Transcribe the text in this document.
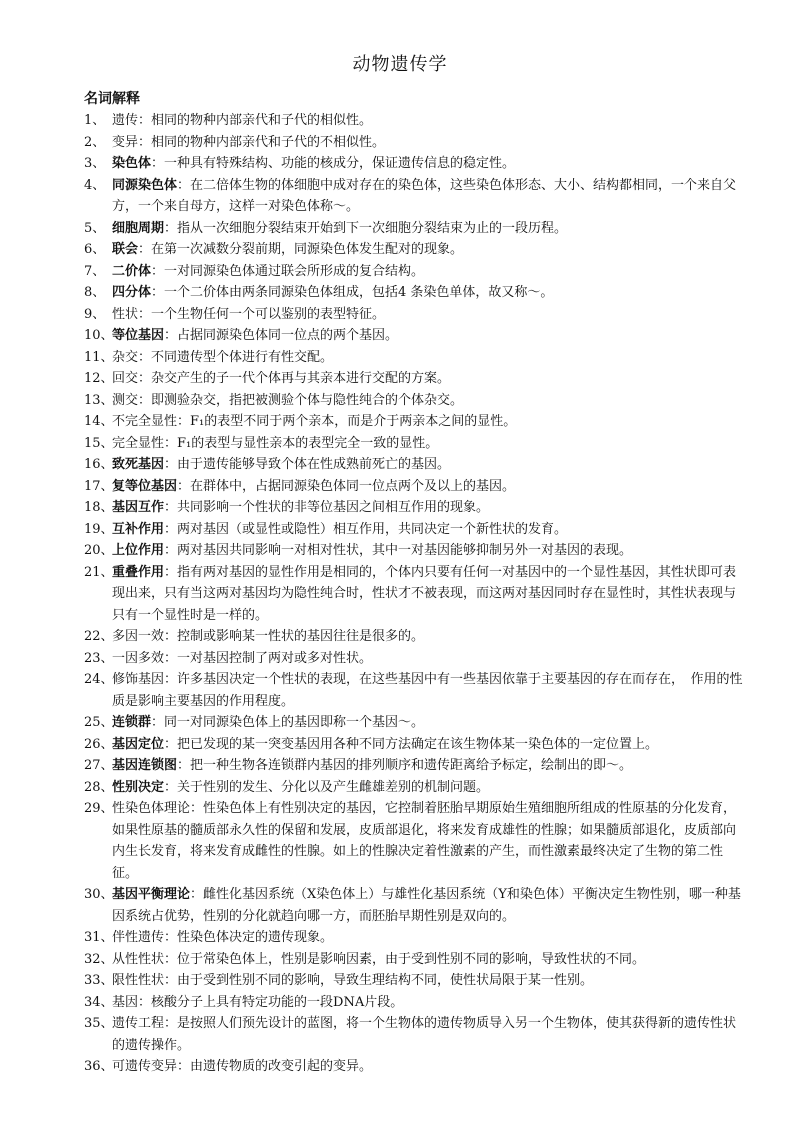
动物遗传学
名词解释
1、 遗传：相同的物种内部亲代和子代的相似性。
2、 变异：相同的物种内部亲代和子代的不相似性。
3、 染色体：一种具有特殊结构、功能的核成分，保证遗传信息的稳定性。
4、 同源染色体：在二倍体生物的体细胞中成对存在的染色体，这些染色体形态、大小、结构都相同，一个来自父方，一个来自母方，这样一对染色体称～。
5、 细胞周期：指从一次细胞分裂结束开始到下一次细胞分裂结束为止的一段历程。
6、 联会：在第一次减数分裂前期，同源染色体发生配对的现象。
7、 二价体：一对同源染色体通过联会所形成的复合结构。
8、 四分体：一个二价体由两条同源染色体组成，包括4 条染色单体，故又称～。
9、 性状：一个生物任何一个可以鉴别的表型特征。
10、
等位基因：占据同源染色体同一位点的两个基因。
11、
杂交：不同遗传型个体进行有性交配。
12、
回交：杂交产生的子一代个体再与其亲本进行交配的方案。
13、
测交：即测验杂交，指把被测验个体与隐性纯合的个体杂交。
14、
不完全显性：F₁的表型不同于两个亲本，而是介于两亲本之间的显性。
15、
完全显性：F₁的表型与显性亲本的表型完全一致的显性。
16、
致死基因：由于遗传能够导致个体在性成熟前死亡的基因。
17、
复等位基因：在群体中，占据同源染色体同一位点两个及以上的基因。
18、
基因互作：共同影响一个性状的非等位基因之间相互作用的现象。
19、
互补作用：两对基因（或显性或隐性）相互作用，共同决定一个新性状的发育。
20、
上位作用：两对基因共同影响一对相对性状，其中一对基因能够抑制另外一对基因的表现。
21、
重叠作用：指有两对基因的显性作用是相同的，个体内只要有任何一对基因中的一个显性基因，其性状即可表现出来，只有当这两对基因均为隐性纯合时，性状才不被表现，而这两对基因同时存在显性时，其性状表现与只有一个显性时是一样的。
22、
多因一效：控制或影响某一性状的基因往往是很多的。
23、
一因多效：一对基因控制了两对或多对性状。
24、
修饰基因：许多基因决定一个性状的表现，在这些基因中有一些基因依靠于主要基因的存在而存在，　作用的性质是影响主要基因的作用程度。
25、
连锁群：同一对同源染色体上的基因即称一个基因～。
26、
基因定位：把已发现的某一突变基因用各种不同方法确定在该生物体某一染色体的一定位置上。
27、
基因连锁图：把一种生物各连锁群内基因的排列顺序和遗传距离给予标定，绘制出的即～。
28、
性别决定：关于性别的发生、分化以及产生雌雄差别的机制问题。
29、
性染色体理论：性染色体上有性别决定的基因，它控制着胚胎早期原始生殖细胞所组成的性原基的分化发育，如果性原基的髓质部永久性的保留和发展，皮质部退化，将来发育成雄性的性腺；如果髓质部退化，皮质部向内生长发育，将来发育成雌性的性腺。如上的性腺决定着性激素的产生，而性激素最终决定了生物的第二性征。
30、
基因平衡理论：雌性化基因系统（X染色体上）与雄性化基因系统（Y和染色体）平衡决定生物性别，哪一种基因系统占优势，性别的分化就趋向哪一方，而胚胎早期性别是双向的。
31、
伴性遗传：性染色体决定的遗传现象。
32、
从性性状：位于常染色体上，性别是影响因素，由于受到性别不同的影响，导致性状的不同。
33、
限性性状：由于受到性别不同的影响，导致生理结构不同，使性状局限于某一性别。
34、
基因：核酸分子上具有特定功能的一段DNA片段。
35、
遗传工程：是按照人们预先设计的蓝图，将一个生物体的遗传物质导入另一个生物体，使其获得新的遗传性状的遗传操作。
36、
可遗传变异：由遗传物质的改变引起的变异。
